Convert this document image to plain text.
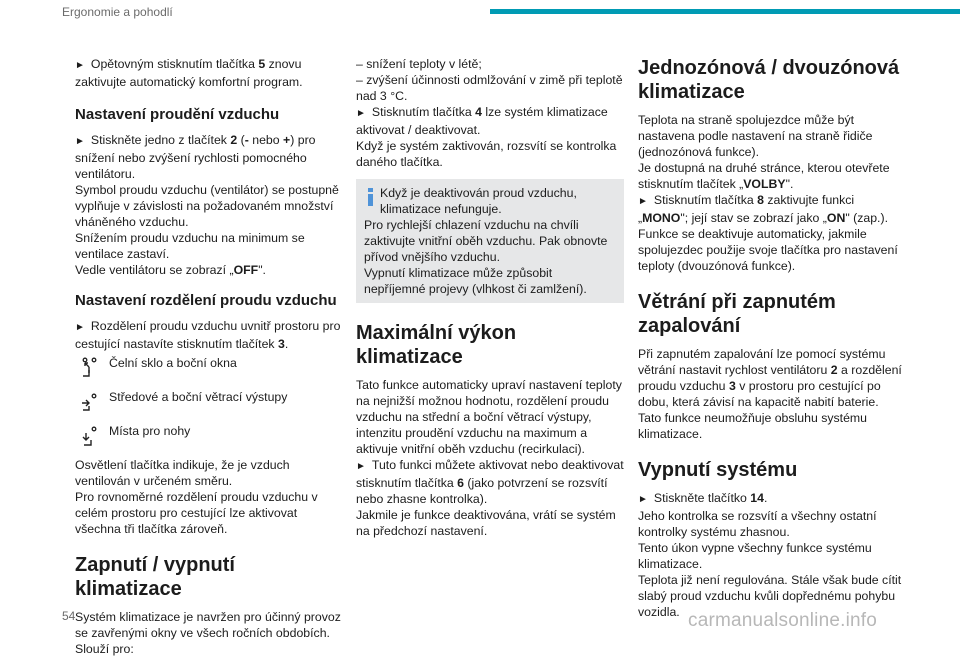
Ergonomie a pohodlí

► Opětovným stisknutím tlačítka 5 znovu zaktivujte automatický komfortní program.

Nastavení proudění vzduchu

► Stiskněte jedno z tlačítek 2 (- nebo +) pro snížení nebo zvýšení rychlosti pomocného ventilátoru.

Symbol proudu vzduchu (ventilátor) se postupně vyplňuje v závislosti na požadovaném množství vháněného vzduchu.

Snížením proudu vzduchu na minimum se ventilace zastaví.

Vedle ventilátoru se zobrazí „OFF".

Nastavení rozdělení proudu vzduchu

► Rozdělení proudu vzduchu uvnitř prostoru pro cestující nastavíte stisknutím tlačítek 3.

Čelní sklo a boční okna
Středové a boční větrací výstupy
Místa pro nohy

Osvětlení tlačítka indikuje, že je vzduch ventilován v určeném směru.

Pro rovnoměrné rozdělení proudu vzduchu v celém prostoru pro cestující lze aktivovat všechna tři tlačítka zároveň.

Zapnutí / vypnutí klimatizace

Systém klimatizace je navržen pro účinný provoz se zavřenými okny ve všech ročních obdobích. Slouží pro:

– snížení teploty v létě;

– zvýšení účinnosti odmlžování v zimě při teplotě nad 3 °C.

► Stisknutím tlačítka 4 lze systém klimatizace aktivovat / deaktivovat.

Když je systém zaktivován, rozsvítí se kontrolka daného tlačítka.

Když je deaktivován proud vzduchu, klimatizace nefunguje.

Pro rychlejší chlazení vzduchu na chvíli zaktivujte vnitřní oběh vzduchu. Pak obnovte přívod vnějšího vzduchu.

Vypnutí klimatizace může způsobit nepříjemné projevy (vlhkost či zamlžení).

Maximální výkon klimatizace

Tato funkce automaticky upraví nastavení teploty na nejnižší možnou hodnotu, rozdělení proudu vzduchu na střední a boční větrací výstupy, intenzitu proudění vzduchu na maximum a aktivuje vnitřní oběh vzduchu (recirkulaci).

► Tuto funkci můžete aktivovat nebo deaktivovat stisknutím tlačítka 6 (jako potvrzení se rozsvítí nebo zhasne kontrolka).

Jakmile je funkce deaktivována, vrátí se systém na předchozí nastavení.

Jednozónová / dvouzónová klimatizace

Teplota na straně spolujezdce může být nastavena podle nastavení na straně řidiče (jednozónová funkce).

Je dostupná na druhé stránce, kterou otevřete stisknutím tlačítek „VOLBY".

► Stisknutím tlačítka 8 zaktivujte funkci „MONO"; její stav se zobrazí jako „ON" (zap.).

Funkce se deaktivuje automaticky, jakmile spolujezdec použije svoje tlačítka pro nastavení teploty (dvouzónová funkce).

Větrání při zapnutém zapalování

Při zapnutém zapalování lze pomocí systému větrání nastavit rychlost ventilátoru 2 a rozdělení proudu vzduchu 3 v prostoru pro cestující po dobu, která závisí na kapacitě nabití baterie.

Tato funkce neumožňuje obsluhu systému klimatizace.

Vypnutí systému

► Stiskněte tlačítko 14.

Jeho kontrolka se rozsvítí a všechny ostatní kontrolky systému zhasnou.

Tento úkon vypne všechny funkce systému klimatizace.

Teplota již není regulována. Stále však bude cítit slabý proud vzduchu kvůli dopřednému pohybu vozidla.

54	carmanualsonline.info
